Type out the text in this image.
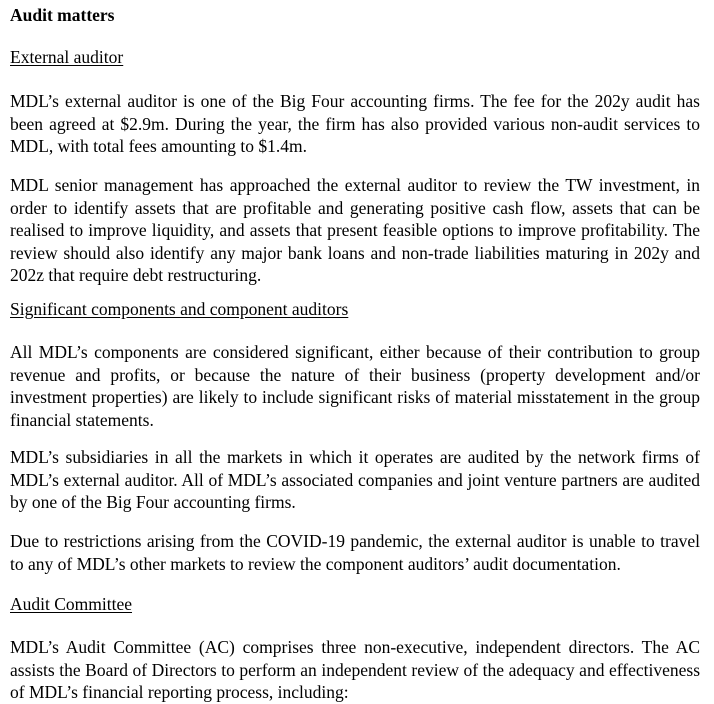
Audit matters

External auditor

MDL’s external auditor is one of the Big Four accounting firms. The fee for the 202y audit has been agreed at $2.9m. During the year, the firm has also provided various non-audit services to MDL, with total fees amounting to $1.4m.

MDL senior management has approached the external auditor to review the TW investment, in order to identify assets that are profitable and generating positive cash flow, assets that can be realised to improve liquidity, and assets that present feasible options to improve profitability. The review should also identify any major bank loans and non-trade liabilities maturing in 202y and 202z that require debt restructuring.

Significant components and component auditors

All MDL’s components are considered significant, either because of their contribution to group revenue and profits, or because the nature of their business (property development and/or investment properties) are likely to include significant risks of material misstatement in the group financial statements.

MDL’s subsidiaries in all the markets in which it operates are audited by the network firms of MDL’s external auditor. All of MDL’s associated companies and joint venture partners are audited by one of the Big Four accounting firms.

Due to restrictions arising from the COVID-19 pandemic, the external auditor is unable to travel to any of MDL’s other markets to review the component auditors’ audit documentation.

Audit Committee

MDL’s Audit Committee (AC) comprises three non-executive, independent directors. The AC assists the Board of Directors to perform an independent review of the adequacy and effectiveness of MDL’s financial reporting process, including:
